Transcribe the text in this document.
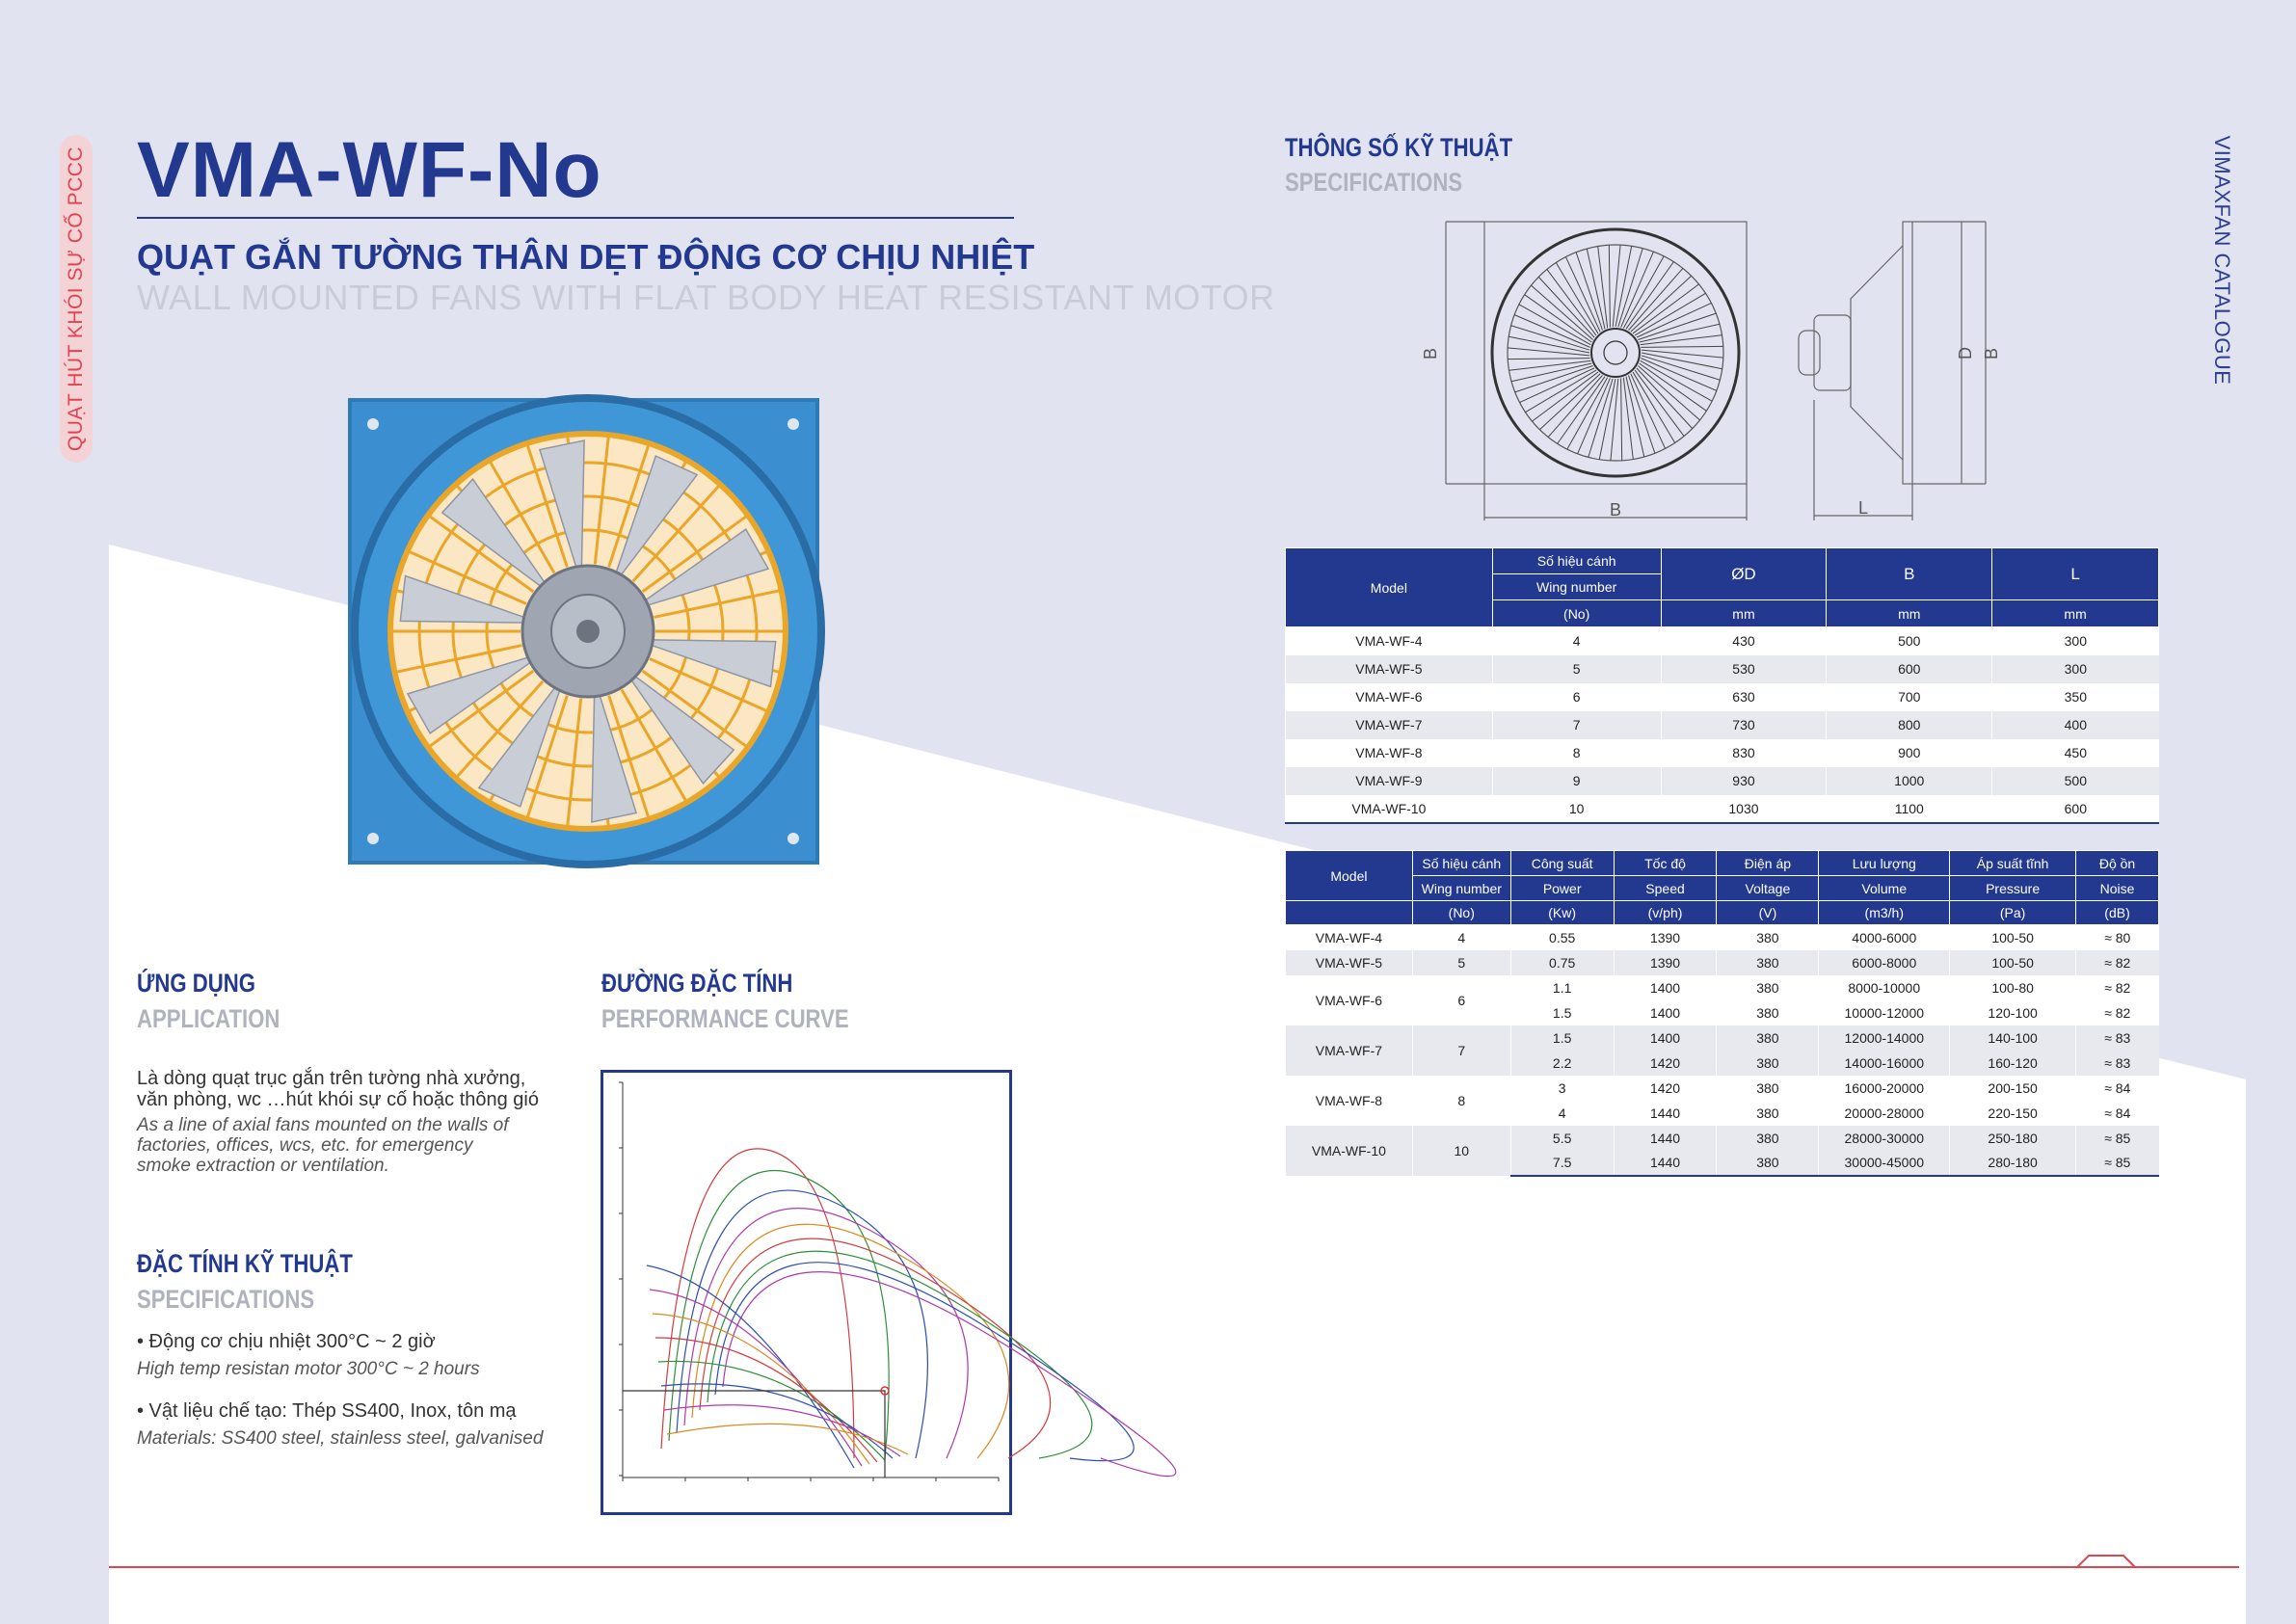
QUẠT HÚT KHÓI SỰ CỐ PCCC	VIMAXFAN CATALOGUE
VMA-WF-No
QUẠT GẮN TƯỜNG THÂN DẸT ĐỘNG CƠ CHỊU NHIỆT
WALL MOUNTED FANS WITH FLAT BODY HEAT RESISTANT MOTOR
ỨNG DỤNG
APPLICATION
Là dòng quạt trục gắn trên tường nhà xưởng,
văn phòng, wc …hút khói sự cố hoặc thông gió
As a line of axial fans mounted on the walls of
factories, offices, wcs, etc. for emergency
smoke extraction or ventilation.
ĐẶC TÍNH KỸ THUẬT
SPECIFICATIONS
• Động cơ chịu nhiệt 300°C ~ 2 giờ
High temp resistan motor 300°C ~ 2 hours
• Vật liệu chế tạo: Thép SS400, Inox, tôn mạ
Materials: SS400 steel, stainless steel, galvanised
ĐƯỜNG ĐẶC TÍNH
PERFORMANCE CURVE
THÔNG SỐ KỸ THUẬT
SPECIFICATIONS
B
B	L
D B
Model	Số hiệu cánh	ØD	B	L
	Wing number			
	(No)	mm	mm	mm
VMA-WF-4	4	430	500	300
VMA-WF-5	5	530	600	300
VMA-WF-6	6	630	700	350
VMA-WF-7	7	730	800	400
VMA-WF-8	8	830	900	450
VMA-WF-9	9	930	1000	500
VMA-WF-10	10	1030	1100	600
Model	Số hiệu cánh	Công suất	Tốc độ	Điện áp	Lưu lượng	Áp suất tĩnh	Độ ồn
	Wing number	Power	Speed	Voltage	Volume	Pressure	Noise
	(No)	(Kw)	(v/ph)	(V)	(m3/h)	(Pa)	(dB)
VMA-WF-4	4	0.55	1390	380	4000-6000	100-50	≈ 80
VMA-WF-5	5	0.75	1390	380	6000-8000	100-50	≈ 82
VMA-WF-6	6	1.1	1400	380	8000-10000	100-80	≈ 82
		1.5	1400	380	10000-12000	120-100	≈ 82
VMA-WF-7	7	1.5	1400	380	12000-14000	140-100	≈ 83
		2.2	1420	380	14000-16000	160-120	≈ 83
VMA-WF-8	8	3	1420	380	16000-20000	200-150	≈ 84
		4	1440	380	20000-28000	220-150	≈ 84
VMA-WF-10	10	5.5	1440	380	28000-30000	250-180	≈ 85
		7.5	1440	380	30000-45000	280-180	≈ 85
